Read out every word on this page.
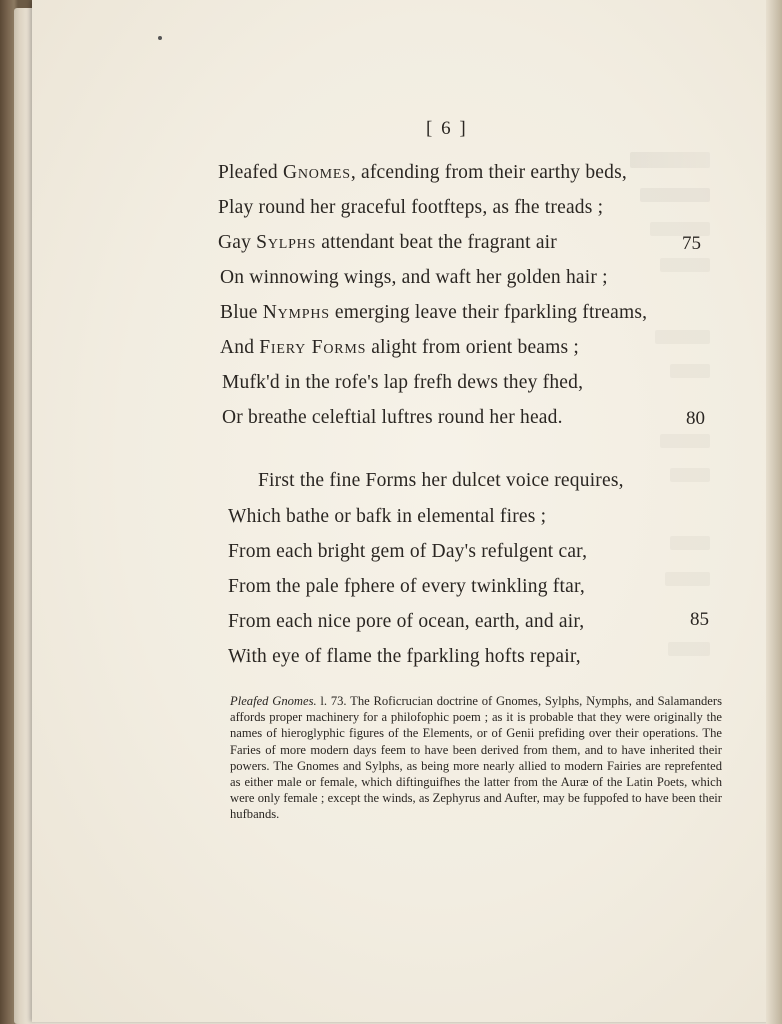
[ 6 ]
Pleafed Gnomes, afcending from their earthy beds,
Play round her graceful footfteps, as fhe treads ;
Gay Sylphs attendant beat the fragrant air	75
On winnowing wings, and waft her golden hair ;
Blue Nymphs emerging leave their fparkling ftreams,
And Fiery Forms alight from orient beams ;
Mufk'd in the rofe's lap frefh dews they fhed,
Or breathe celeftial luftres round her head.	80
First the fine Forms her dulcet voice requires,
Which bathe or bafk in elemental fires ;
From each bright gem of Day's refulgent car,
From the pale fphere of every twinkling ftar,
From each nice pore of ocean, earth, and air,	85
With eye of flame the fparkling hofts repair,
Pleafed Gnomes. l. 73. The Roficrucian doctrine of Gnomes, Sylphs, Nymphs, and Salamanders affords proper machinery for a philofophic poem ; as it is probable that they were originally the names of hieroglyphic figures of the Elements, or of Genii prefiding over their operations. The Faries of more modern days feem to have been derived from them, and to have inherited their powers. The Gnomes and Sylphs, as being more nearly allied to modern Fairies are reprefented as either male or female, which diftinguifhes the latter from the Auræ of the Latin Poets, which were only female ; except the winds, as Zephyrus and Aufter, may be fuppofed to have been their hufbands.
